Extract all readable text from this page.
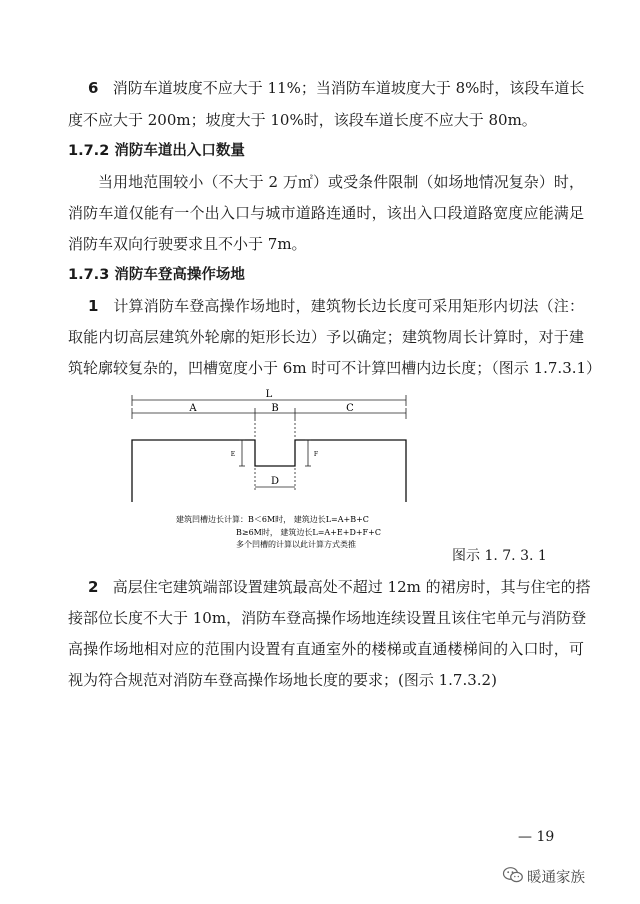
6 消防车道坡度不应大于 11%；当消防车道坡度大于 8%时，该段车道长
度不应大于 200m；坡度大于 10%时，该段车道长度不应大于 80m。
1.7.2 消防车道出入口数量
当用地范围较小（不大于 2 万㎡）或受条件限制（如场地情况复杂）时，
消防车道仅能有一个出入口与城市道路连通时，该出入口段道路宽度应能满足
消防车双向行驶要求且不小于 7m。
1.7.3 消防车登高操作场地
1 计算消防车登高操作场地时，建筑物长边长度可采用矩形内切法（注：
取能内切高层建筑外轮廓的矩形长边）予以确定；建筑物周长计算时，对于建
筑轮廓较复杂的，凹槽宽度小于 6m 时可不计算凹槽内边长度；（图示 1.7.3.1）
L
A	B	C
D
E	F
建筑凹槽边长计算：B＜6M时， 建筑边长L=A+B+C
B≥6M时， 建筑边长L=A+E+D+F+C
多个凹槽的计算以此计算方式类推
图示 1. 7. 3. 1
2 高层住宅建筑端部设置建筑最高处不超过 12m 的裙房时，其与住宅的搭
接部位长度不大于 10m，消防车登高操作场地连续设置且该住宅单元与消防登
高操作场地相对应的范围内设置有直通室外的楼梯或直通楼梯间的入口时，可
视为符合规范对消防车登高操作场地长度的要求；(图示 1.7.3.2)
— 19
暖通家族
